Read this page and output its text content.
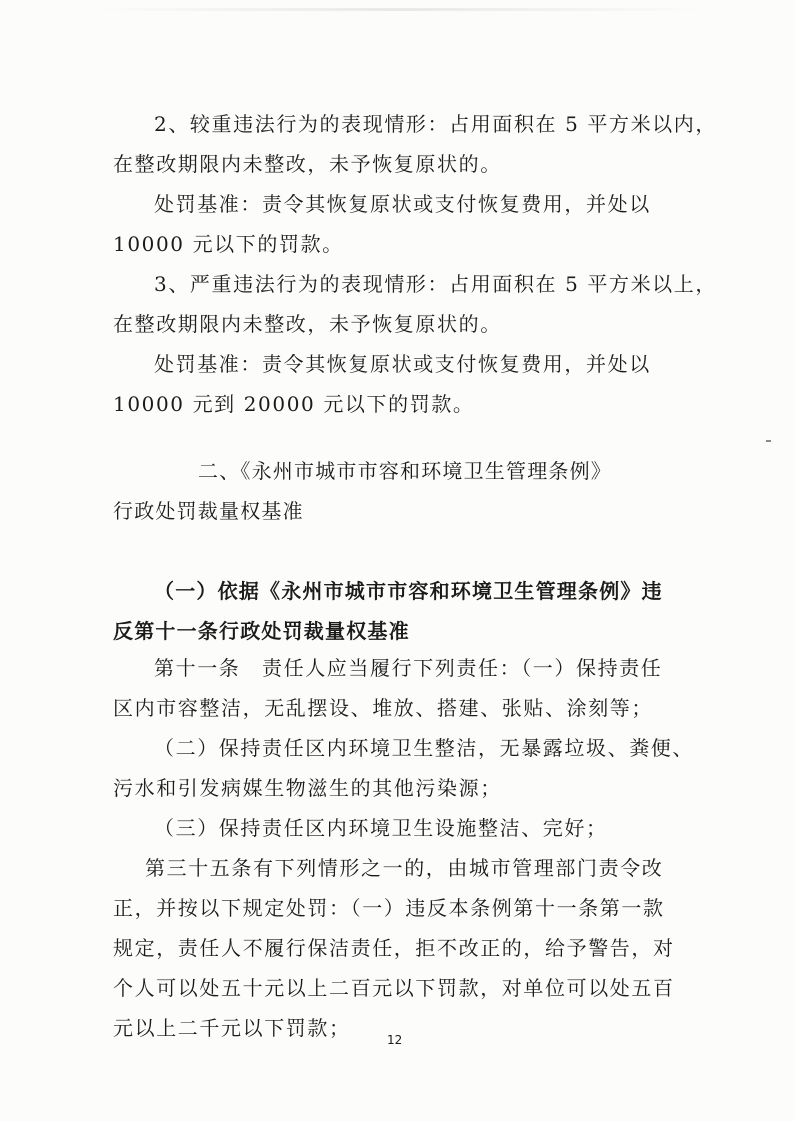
2、较重违法行为的表现情形：占用面积在 5 平方米以内，
在整改期限内未整改，未予恢复原状的。
处罚基准：责令其恢复原状或支付恢复费用，并处以
10000 元以下的罚款。
3、严重违法行为的表现情形：占用面积在 5 平方米以上，
在整改期限内未整改，未予恢复原状的。
处罚基准：责令其恢复原状或支付恢复费用，并处以
10000 元到 20000 元以下的罚款。
二、《永州市城市市容和环境卫生管理条例》
行政处罚裁量权基准
（一）依据《永州市城市市容和环境卫生管理条例》违
反第十一条行政处罚裁量权基准
第十一条　责任人应当履行下列责任：（一）保持责任
区内市容整洁，无乱摆设、堆放、搭建、张贴、涂刻等；
（二）保持责任区内环境卫生整洁，无暴露垃圾、粪便、
污水和引发病媒生物滋生的其他污染源；
（三）保持责任区内环境卫生设施整洁、完好；
第三十五条有下列情形之一的，由城市管理部门责令改
正，并按以下规定处罚：（一）违反本条例第十一条第一款
规定，责任人不履行保洁责任，拒不改正的，给予警告，对
个人可以处五十元以上二百元以下罚款，对单位可以处五百
元以上二千元以下罚款；	12
